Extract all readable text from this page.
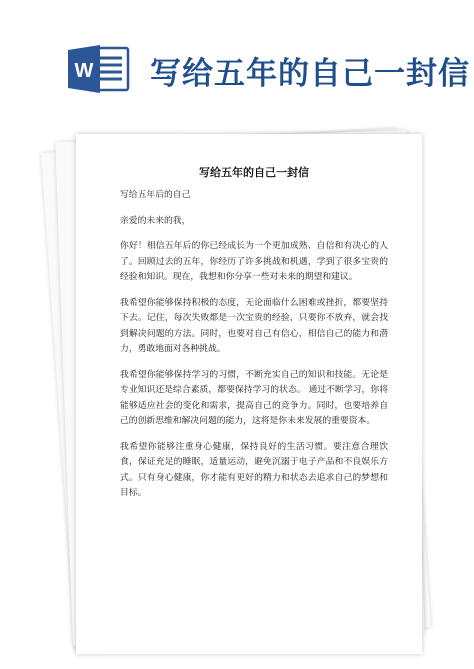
W 写给五年的自己一封信

写给五年的自己一封信

写给五年后的自己

亲爱的未来的我，

你好！相信五年后的你已经成长为一个更加成熟、自信和有决心的人了。回顾过去的五年，你经历了许多挑战和机遇，学到了很多宝贵的经验和知识。现在，我想和你分享一些对未来的期望和建议。

我希望你能够保持积极的态度，无论面临什么困难或挫折，都要坚持下去。记住，每次失败都是一次宝贵的经验，只要你不放弃，就会找到解决问题的方法。同时，也要对自己有信心，相信自己的能力和潜力，勇敢地面对各种挑战。

我希望你能够保持学习的习惯，不断充实自己的知识和技能。无论是专业知识还是综合素质，都要保持学习的状态。 通过不断学习，你将能够适应社会的变化和需求，提高自己的竞争力。同时，也要培养自己的创新思维和解决问题的能力，这将是你未来发展的重要资本。

我希望你能够注重身心健康，保持良好的生活习惯。要注意合理饮食，保证充足的睡眠，适量运动，避免沉溺于电子产品和不良娱乐方式。只有身心健康，你才能有更好的精力和状态去追求自己的梦想和目标。
